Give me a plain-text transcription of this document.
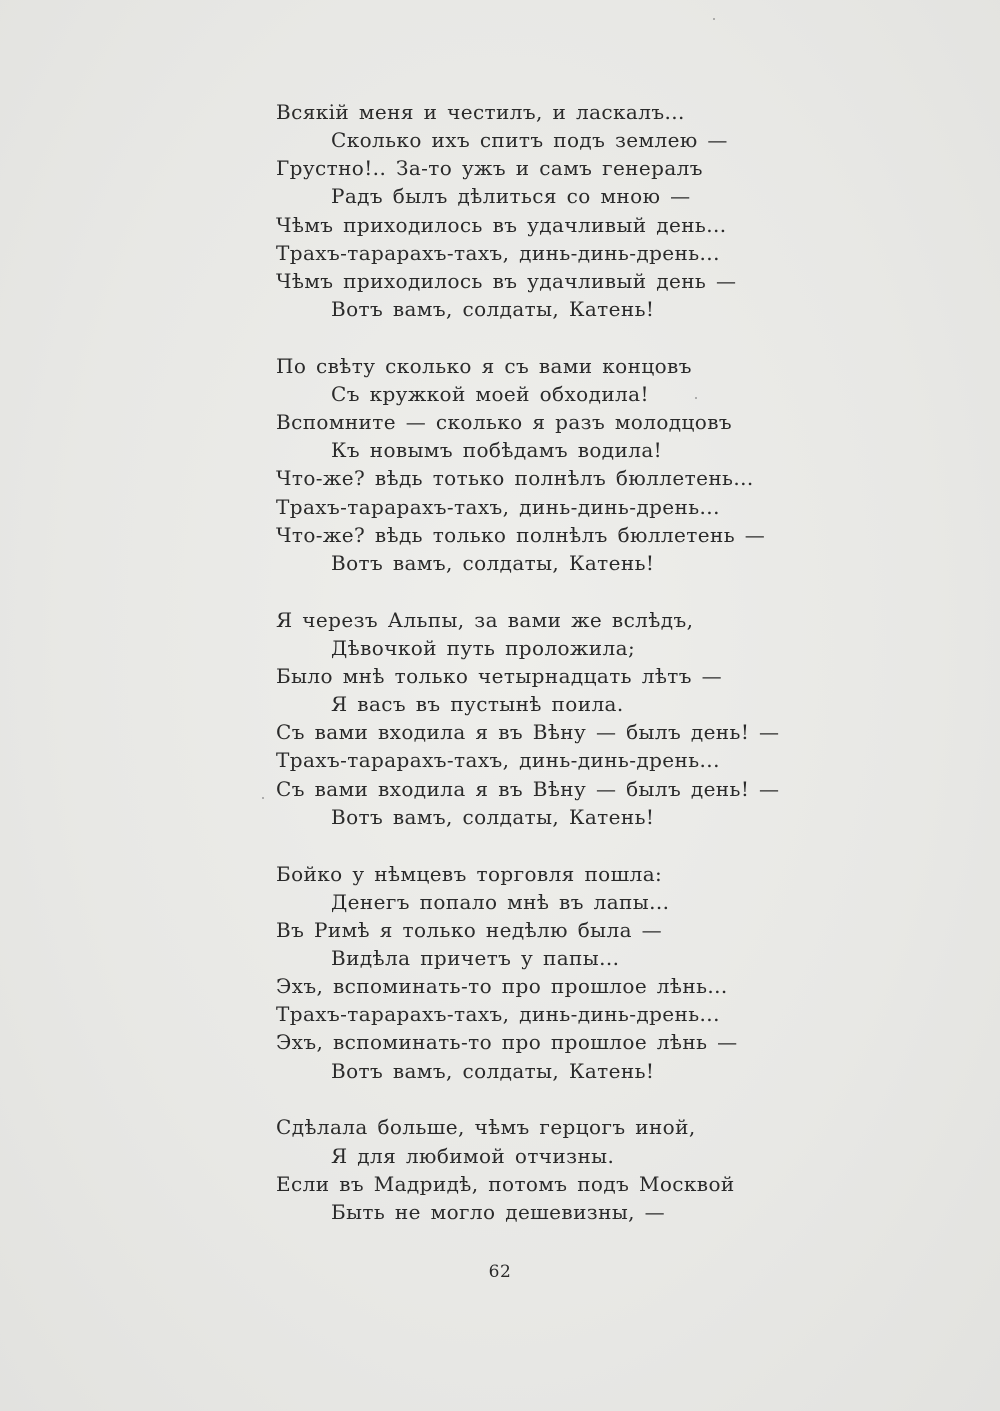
Всякій меня и честилъ, и ласкалъ...
Сколько ихъ спитъ подъ землею —
Грустно!.. За-то ужъ и самъ генералъ
Радъ былъ дѣлиться со мною —
Чѣмъ приходилось въ удачливый день...
Трахъ-тарарахъ-тахъ, динь-динь-дрень...
Чѣмъ приходилось въ удачливый день —
Вотъ вамъ, солдаты, Катень!
По свѣту сколько я съ вами концовъ
Съ кружкой моей обходила!
Вспомните — сколько я разъ молодцовъ
Къ новымъ побѣдамъ водила!
Что-же? вѣдь тотько полнѣлъ бюллетень...
Трахъ-тарарахъ-тахъ, динь-динь-дрень...
Что-же? вѣдь только полнѣлъ бюллетень —
Вотъ вамъ, солдаты, Катень!
Я черезъ Альпы, за вами же вслѣдъ,
Дѣвочкой путь проложила;
Было мнѣ только четырнадцать лѣтъ —
Я васъ въ пустынѣ поила.
Съ вами входила я въ Вѣну — былъ день! —
Трахъ-тарарахъ-тахъ, динь-динь-дрень...
Съ вами входила я въ Вѣну — былъ день! —
Вотъ вамъ, солдаты, Катень!
Бойко у нѣмцевъ торговля пошла:
Денегъ попало мнѣ въ лапы...
Въ Римѣ я только недѣлю была —
Видѣла причетъ у папы...
Эхъ, вспоминать-то про прошлое лѣнь...
Трахъ-тарарахъ-тахъ, динь-динь-дрень...
Эхъ, вспоминать-то про прошлое лѣнь —
Вотъ вамъ, солдаты, Катень!
Сдѣлала больше, чѣмъ герцогъ иной,
Я для любимой отчизны.
Если въ Мадридѣ, потомъ подъ Москвой
Быть не могло дешевизны, —
62
